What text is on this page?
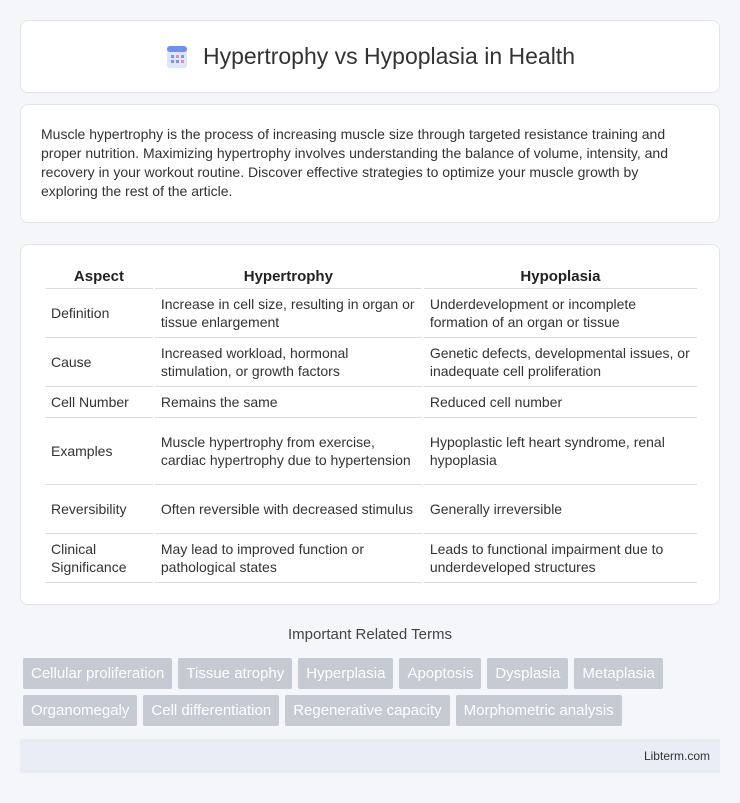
Hypertrophy vs Hypoplasia in Health

Muscle hypertrophy is the process of increasing muscle size through targeted resistance training and proper nutrition. Maximizing hypertrophy involves understanding the balance of volume, intensity, and recovery in your workout routine. Discover effective strategies to optimize your muscle growth by exploring the rest of the article.

Aspect	Hypertrophy	Hypoplasia
Definition	Increase in cell size, resulting in organ or tissue enlargement	Underdevelopment or incomplete formation of an organ or tissue
Cause	Increased workload, hormonal stimulation, or growth factors	Genetic defects, developmental issues, or inadequate cell proliferation
Cell Number	Remains the same	Reduced cell number
Examples	Muscle hypertrophy from exercise, cardiac hypertrophy due to hypertension	Hypoplastic left heart syndrome, renal hypoplasia
Reversibility	Often reversible with decreased stimulus	Generally irreversible
Clinical Significance	May lead to improved function or pathological states	Leads to functional impairment due to underdeveloped structures
Important Related Terms
Cellular proliferation	Tissue atrophy	Hyperplasia	Apoptosis	Dysplasia	Metaplasia
Organomegaly	Cell differentiation	Regenerative capacity	Morphometric analysis
Libterm.com
